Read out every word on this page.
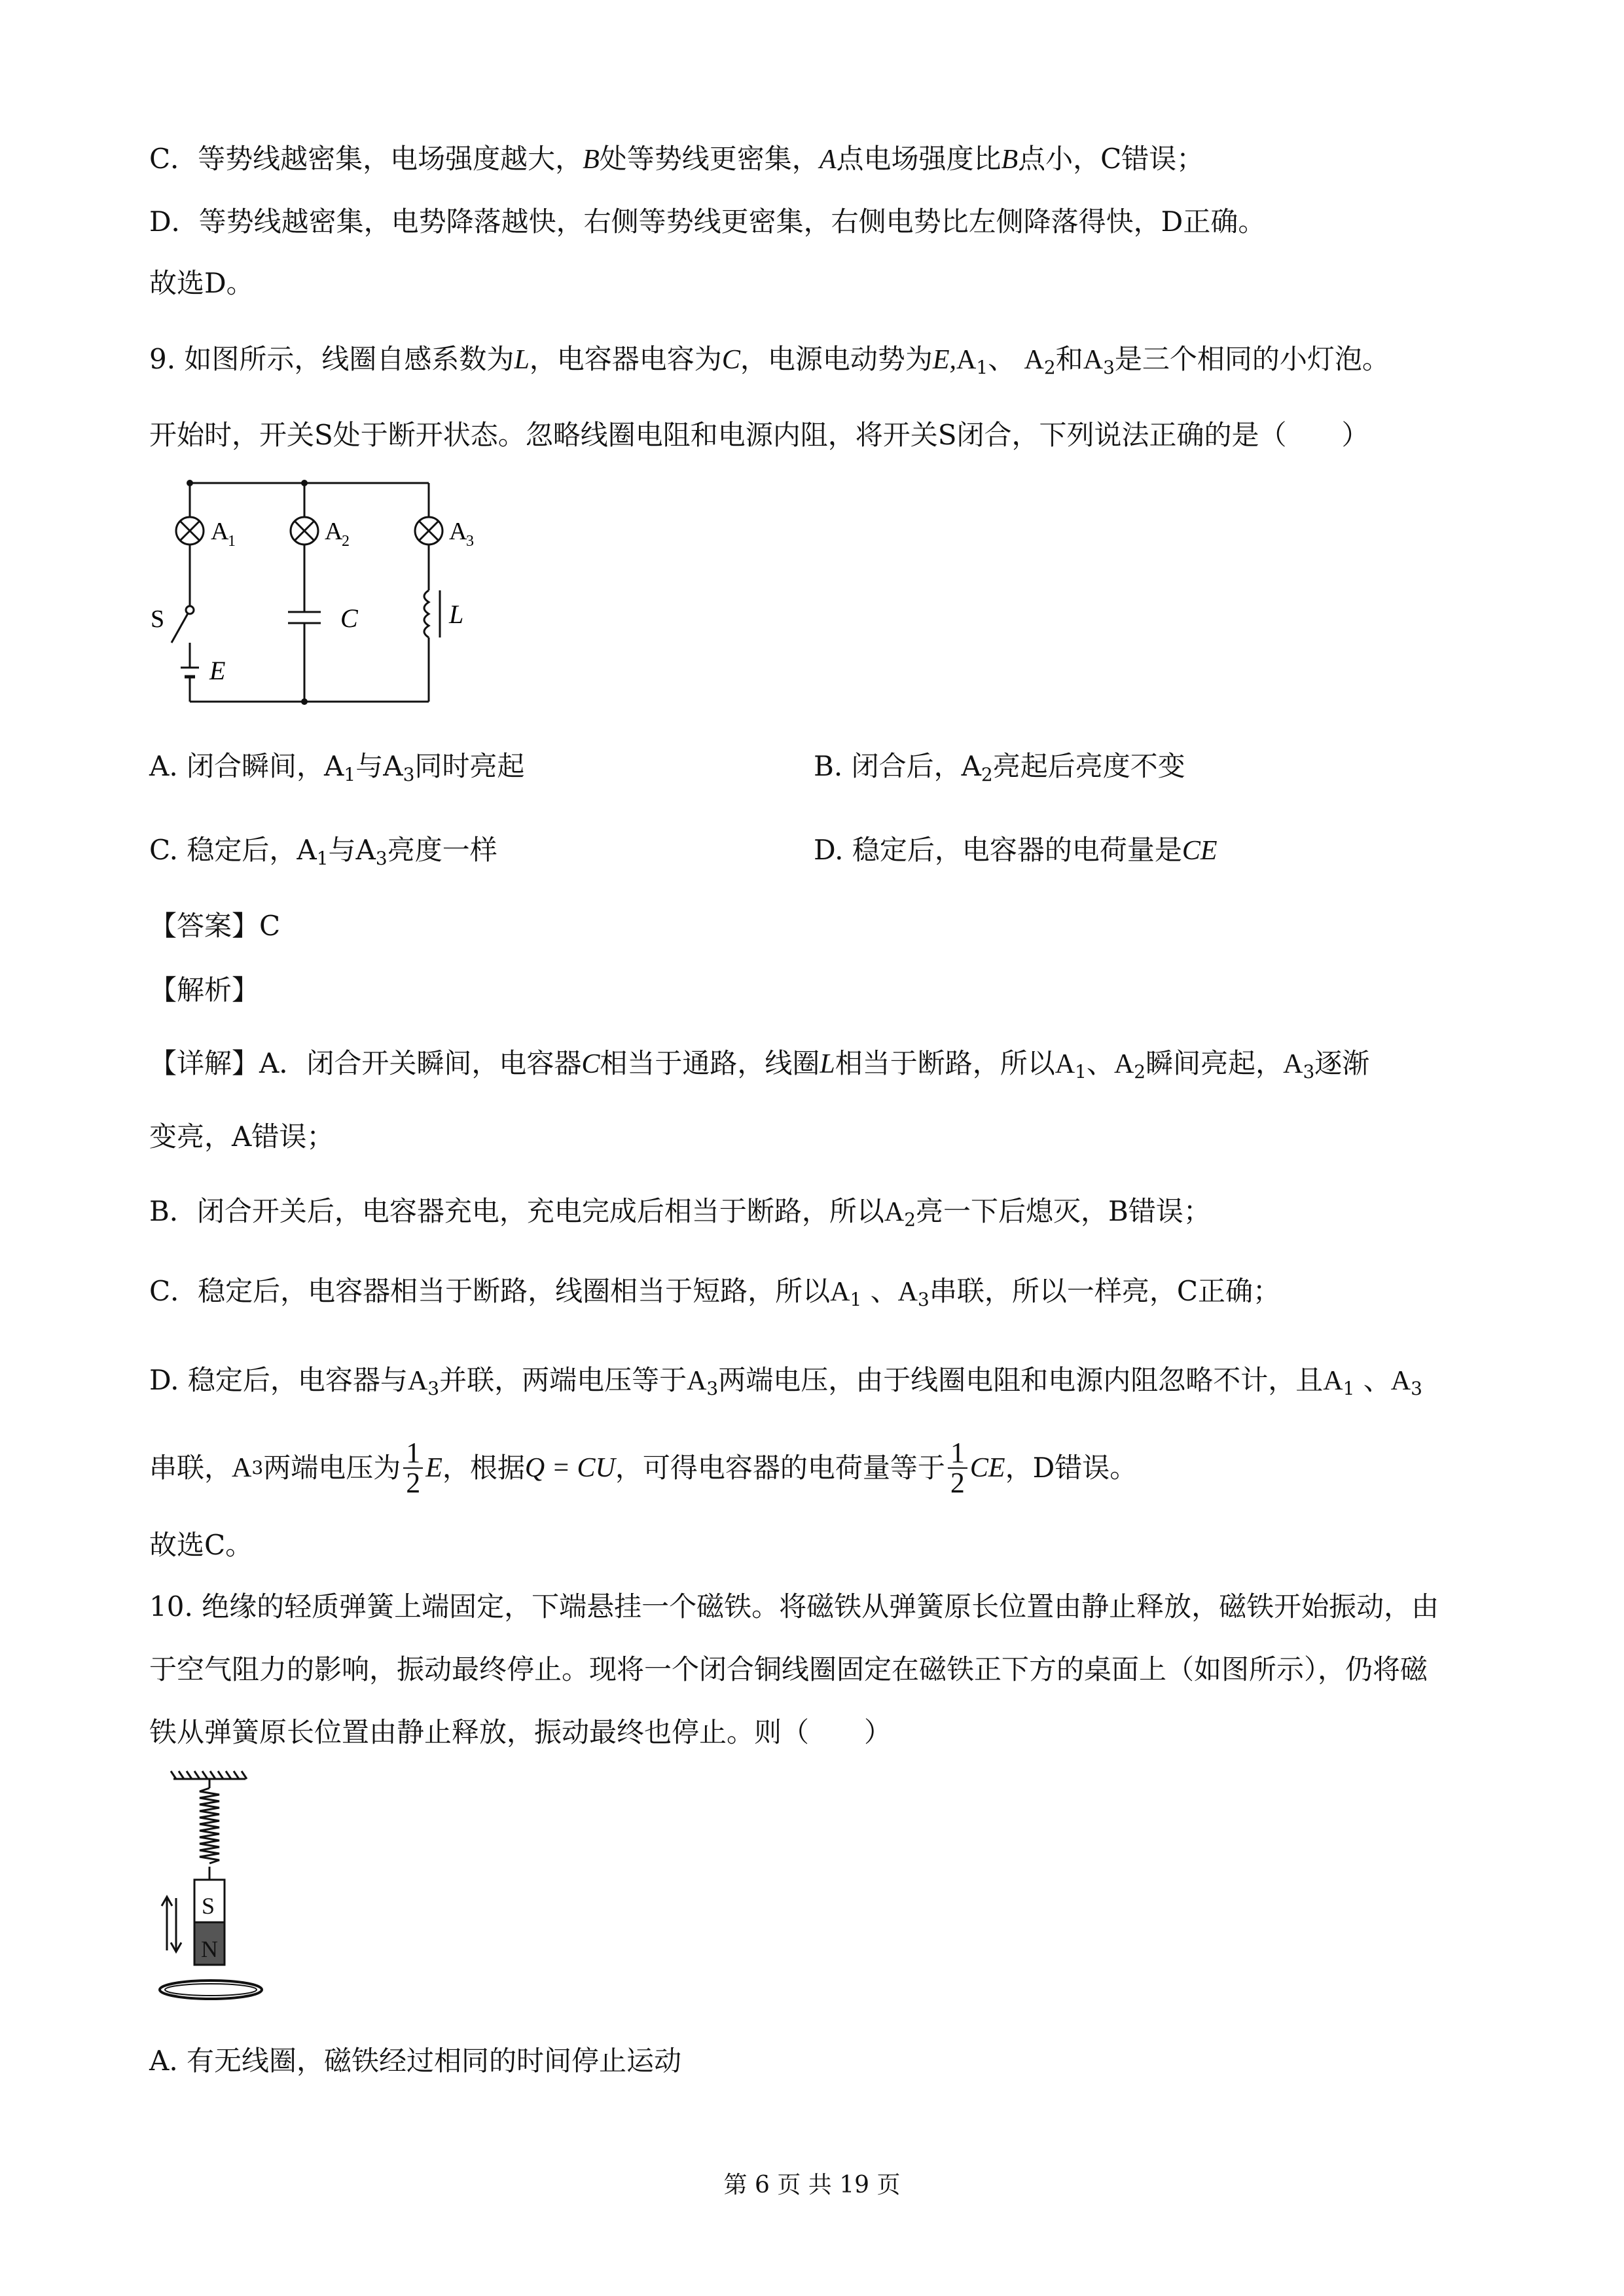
C．等势线越密集，电场强度越大，B处等势线更密集，A点电场强度比B点小，C错误；
D．等势线越密集，电势降落越快，右侧等势线更密集，右侧电势比左侧降落得快，D正确。
故选D。
9. 如图所示，线圈自感系数为L，电容器电容为C，电源电动势为$E,A_1$、 $A_2$和$A_3$是三个相同的小灯泡。
开始时，开关S处于断开状态。忽略线圈电阻和电源内阻，将开关S闭合，下列说法正确的是（　　）
A
1	A
2	A
3
S	C	L
E
A. 闭合瞬间，$A_1$与$A_3$同时亮起	B. 闭合后，$A_2$亮起后亮度不变
C. 稳定后，$A_1$与$A_3$亮度一样	D. 稳定后，电容器的电荷量是CE
【答案】C
【解析】
【详解】A．闭合开关瞬间，电容器C相当于通路，线圈L相当于断路，所以$A_1$、$A_2$瞬间亮起，$A_3$逐渐
变亮，A错误；
B．闭合开关后，电容器充电，充电完成后相当于断路，所以$A_2$亮一下后熄灭，B错误；
C．稳定后，电容器相当于断路，线圈相当于短路，所以$A_1$ 、$A_3$串联，所以一样亮，C正确；
D. 稳定后，电容器与$A_3$并联，两端电压等于$A_3$两端电压，由于线圈电阻和电源内阻忽略不计，且$A_1$ 、$A_3$
串联， A 3 两端电压为 $\frac{1}{2}$ E ，根据 Q = CU ，可得电容器的电荷量等于 $\frac{1}{2}$ CE ，D错误。
故选C。
10. 绝缘的轻质弹簧上端固定，下端悬挂一个磁铁。将磁铁从弹簧原长位置由静止释放，磁铁开始振动，由
于空气阻力的影响，振动最终停止。现将一个闭合铜线圈固定在磁铁正下方的桌面上（如图所示），仍将磁
铁从弹簧原长位置由静止释放，振动最终也停止。则（　　）
S
N
A. 有无线圈，磁铁经过相同的时间停止运动
第 6 页 共 19 页
